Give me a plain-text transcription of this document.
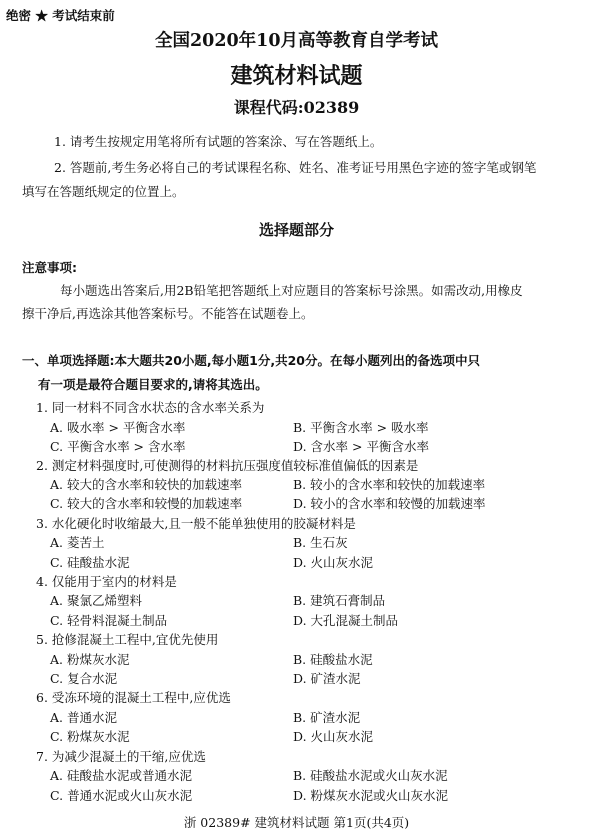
绝密 ★ 考试结束前
全国2020年10月高等教育自学考试
建筑材料试题
课程代码:02389
1. 请考生按规定用笔将所有试题的答案涂、写在答题纸上。
2. 答题前,考生务必将自己的考试课程名称、姓名、准考证号用黑色字迹的签字笔或钢笔
填写在答题纸规定的位置上。
选择题部分
注意事项:
每小题选出答案后,用2B铅笔把答题纸上对应题目的答案标号涂黑。如需改动,用橡皮
擦干净后,再选涂其他答案标号。不能答在试题卷上。
一、单项选择题:本大题共20小题,每小题1分,共20分。在每小题列出的备选项中只
有一项是最符合题目要求的,请将其选出。
1. 同一材料不同含水状态的含水率关系为
A. 吸水率 > 平衡含水率	B. 平衡含水率 > 吸水率
C. 平衡含水率 > 含水率	D. 含水率 > 平衡含水率
2. 测定材料强度时,可使测得的材料抗压强度值较标准值偏低的因素是
A. 较大的含水率和较快的加载速率	B. 较小的含水率和较快的加载速率
C. 较大的含水率和较慢的加载速率	D. 较小的含水率和较慢的加载速率
3. 水化硬化时收缩最大,且一般不能单独使用的胶凝材料是
A. 菱苦土	B. 生石灰
C. 硅酸盐水泥	D. 火山灰水泥
4. 仅能用于室内的材料是
A. 聚氯乙烯塑料	B. 建筑石膏制品
C. 轻骨料混凝土制品	D. 大孔混凝土制品
5. 抢修混凝土工程中,宜优先使用
A. 粉煤灰水泥	B. 硅酸盐水泥
C. 复合水泥	D. 矿渣水泥
6. 受冻环境的混凝土工程中,应优选
A. 普通水泥	B. 矿渣水泥
C. 粉煤灰水泥	D. 火山灰水泥
7. 为减少混凝土的干缩,应优选
A. 硅酸盐水泥或普通水泥	B. 硅酸盐水泥或火山灰水泥
C. 普通水泥或火山灰水泥	D. 粉煤灰水泥或火山灰水泥
浙 02389# 建筑材料试题 第1页(共4页)
